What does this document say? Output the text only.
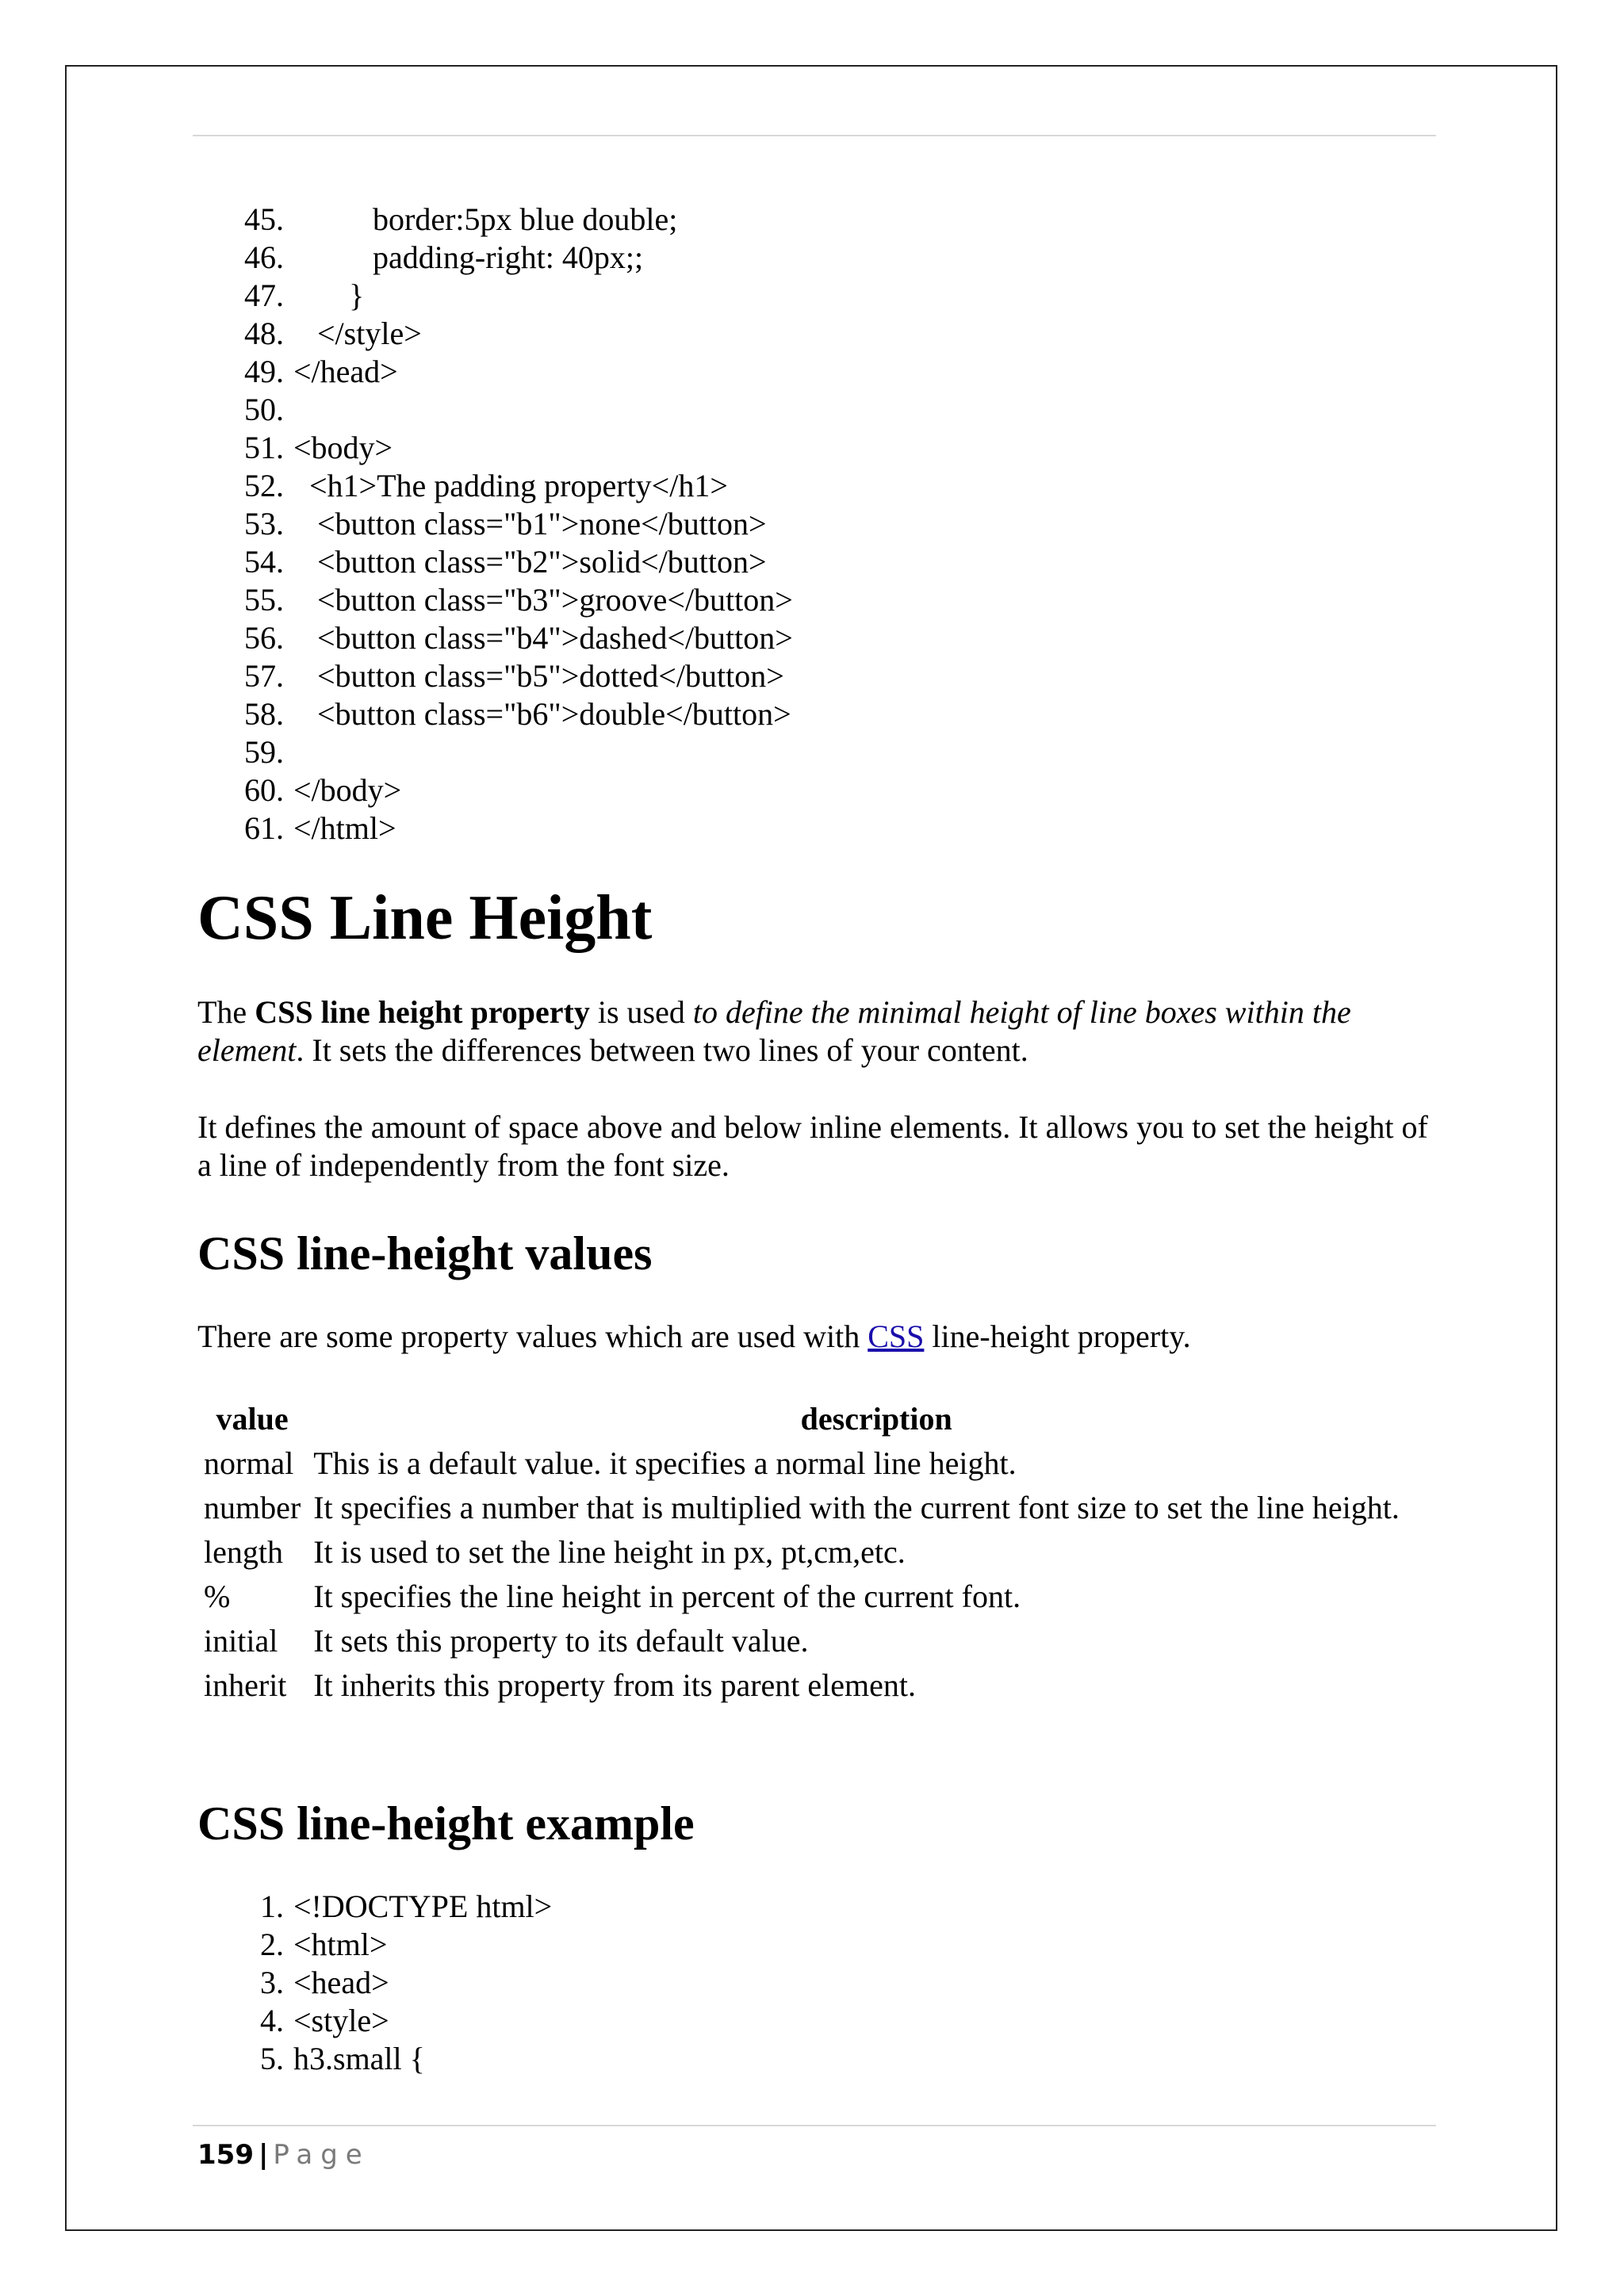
45. border:5px blue double;
46. padding-right: 40px;;
47. }
48. </style>
49. </head>
50.
51. <body>
52. <h1>The padding property</h1>
53. <button class="b1">none</button>
54. <button class="b2">solid</button>
55. <button class="b3">groove</button>
56. <button class="b4">dashed</button>
57. <button class="b5">dotted</button>
58. <button class="b6">double</button>
59.
60. </body>
61. </html>
CSS Line Height

The CSS line height property is used to define the minimal height of line boxes within the element. It sets the differences between two lines of your content.

It defines the amount of space above and below inline elements. It allows you to set the height of a line of independently from the font size.

CSS line-height values

There are some property values which are used with CSS line-height property.

value	description
normal	This is a default value. it specifies a normal line height.
number	It specifies a number that is multiplied with the current font size to set the line height.
length	It is used to set the line height in px, pt,cm,etc.
%	It specifies the line height in percent of the current font.
initial	It sets this property to its default value.
inherit	It inherits this property from its parent element.
CSS line-height example
1. <!DOCTYPE html>
2. <html>
3. <head>
4. <style>
5. h3.small {
159 | Page
